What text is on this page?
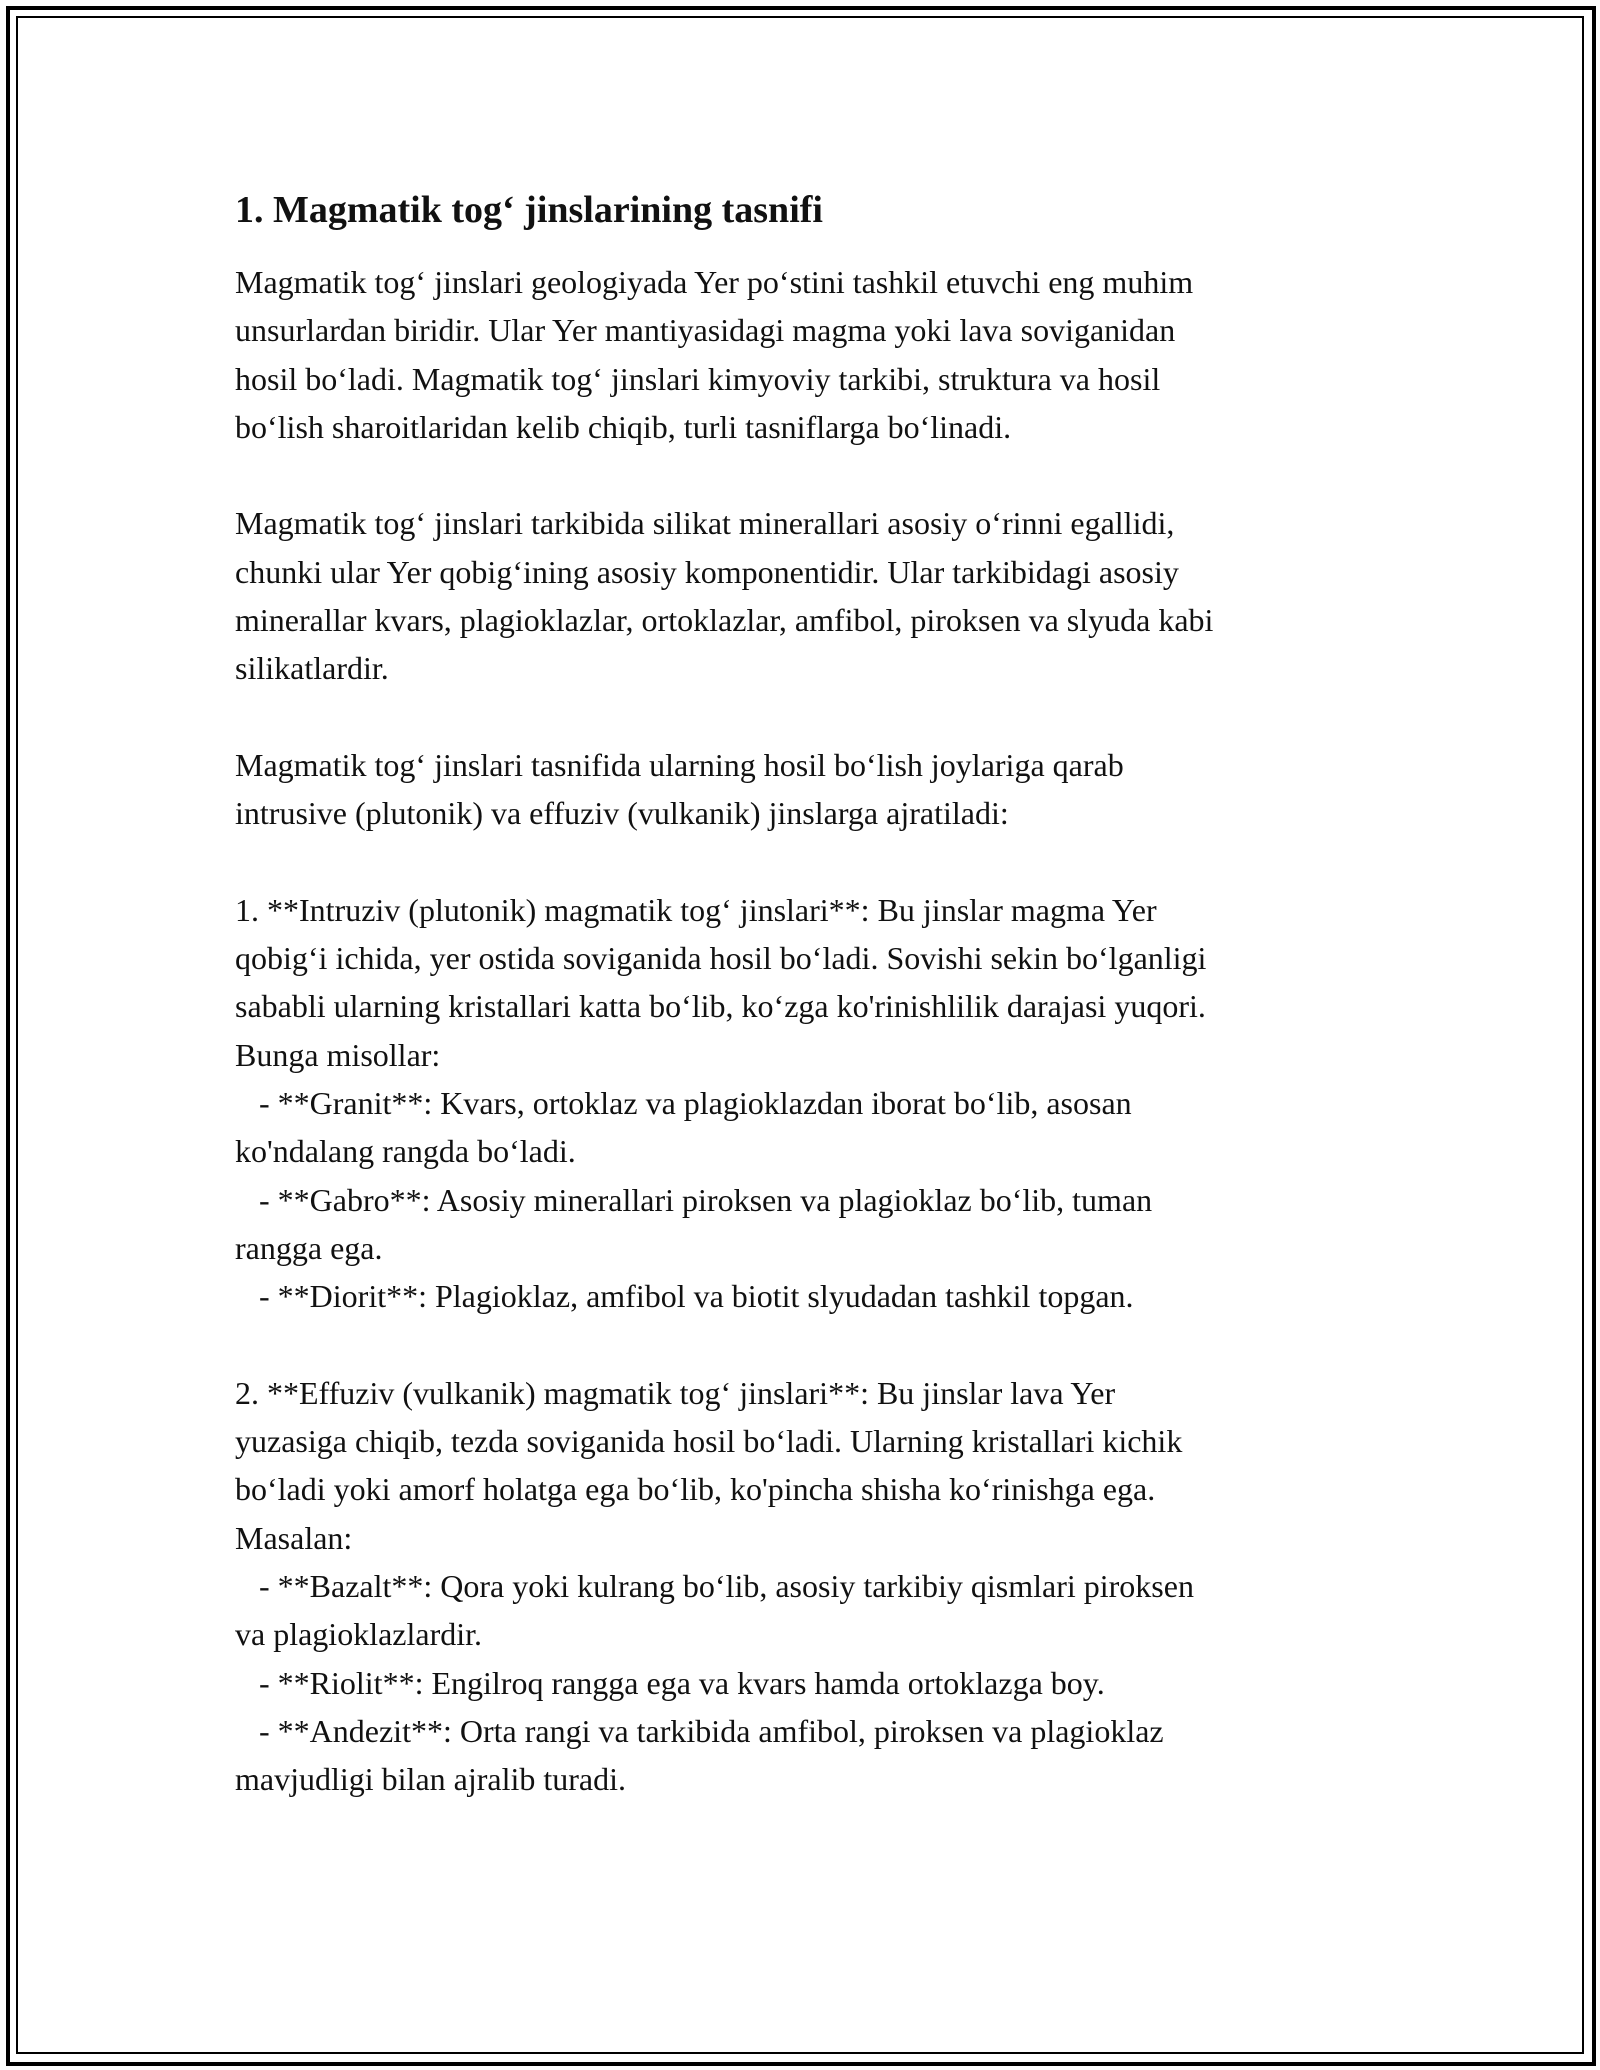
1. Magmatik tog‘ jinslarining tasnifi
Magmatik tog‘ jinslari geologiyada Yer po‘stini tashkil etuvchi eng muhim
unsurlardan biridir. Ular Yer mantiyasidagi magma yoki lava soviganidan
hosil bo‘ladi. Magmatik tog‘ jinslari kimyoviy tarkibi, struktura va hosil
bo‘lish sharoitlaridan kelib chiqib, turli tasniflarga bo‘linadi.
Magmatik tog‘ jinslari tarkibida silikat minerallari asosiy o‘rinni egallidi,
chunki ular Yer qobig‘ining asosiy komponentidir. Ular tarkibidagi asosiy
minerallar kvars, plagioklazlar, ortoklazlar, amfibol, piroksen va slyuda kabi
silikatlardir.
Magmatik tog‘ jinslari tasnifida ularning hosil bo‘lish joylariga qarab
intrusive (plutonik) va effuziv (vulkanik) jinslarga ajratiladi:
1. **Intruziv (plutonik) magmatik tog‘ jinslari**: Bu jinslar magma Yer
qobig‘i ichida, yer ostida soviganida hosil bo‘ladi. Sovishi sekin bo‘lganligi
sababli ularning kristallari katta bo‘lib, ko‘zga ko'rinishlilik darajasi yuqori.
Bunga misollar:
- **Granit**: Kvars, ortoklaz va plagioklazdan iborat bo‘lib, asosan
ko'ndalang rangda bo‘ladi.
- **Gabro**: Asosiy minerallari piroksen va plagioklaz bo‘lib, tuman
rangga ega.
- **Diorit**: Plagioklaz, amfibol va biotit slyudadan tashkil topgan.
2. **Effuziv (vulkanik) magmatik tog‘ jinslari**: Bu jinslar lava Yer
yuzasiga chiqib, tezda soviganida hosil bo‘ladi. Ularning kristallari kichik
bo‘ladi yoki amorf holatga ega bo‘lib, ko'pincha shisha ko‘rinishga ega.
Masalan:
- **Bazalt**: Qora yoki kulrang bo‘lib, asosiy tarkibiy qismlari piroksen
va plagioklazlardir.
- **Riolit**: Engilroq rangga ega va kvars hamda ortoklazga boy.
- **Andezit**: Orta rangi va tarkibida amfibol, piroksen va plagioklaz
mavjudligi bilan ajralib turadi.
